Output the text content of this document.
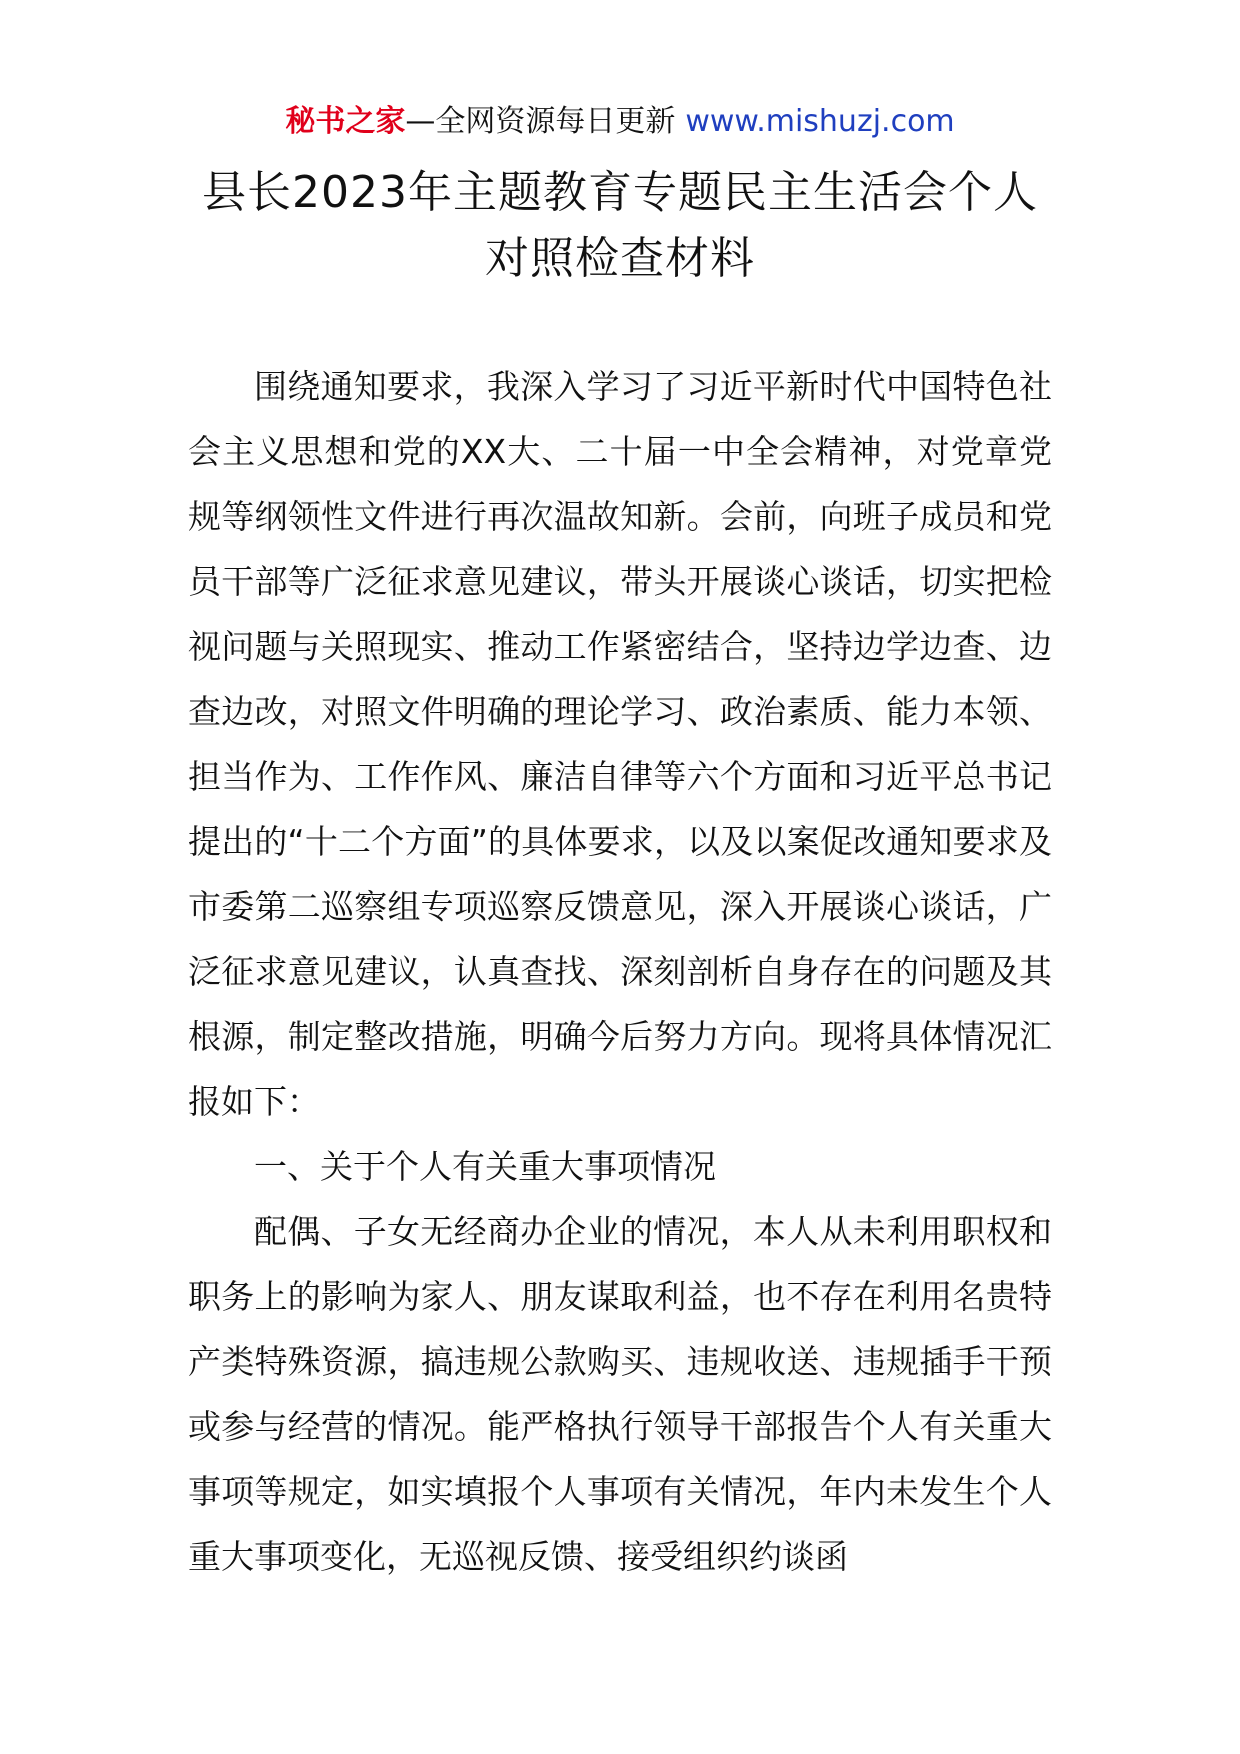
秘书之家—全网资源每日更新 www.mishuzj.com
县长2023年主题教育专题民主生活会个人
对照检查材料

围绕通知要求，我深入学习了习近平新时代中国特色社会主义思想和党的XX大、二十届一中全会精神，对党章党规等纲领性文件进行再次温故知新。会前，向班子成员和党员干部等广泛征求意见建议，带头开展谈心谈话，切实把检视问题与关照现实、推动工作紧密结合，坚持边学边查、边查边改，对照文件明确的理论学习、政治素质、能力本领、担当作为、工作作风、廉洁自律等六个方面和习近平总书记提出的“十二个方面”的具体要求，以及以案促改通知要求及市委第二巡察组专项巡察反馈意见，深入开展谈心谈话，广泛征求意见建议，认真查找、深刻剖析自身存在的问题及其根源，制定整改措施，明确今后努力方向。现将具体情况汇报如下：

一、关于个人有关重大事项情况

配偶、子女无经商办企业的情况，本人从未利用职权和职务上的影响为家人、朋友谋取利益，也不存在利用名贵特产类特殊资源，搞违规公款购买、违规收送、违规插手干预或参与经营的情况。能严格执行领导干部报告个人有关重大事项等规定，如实填报个人事项有关情况，年内未发生个人重大事项变化，无巡视反馈、接受组织约谈函
